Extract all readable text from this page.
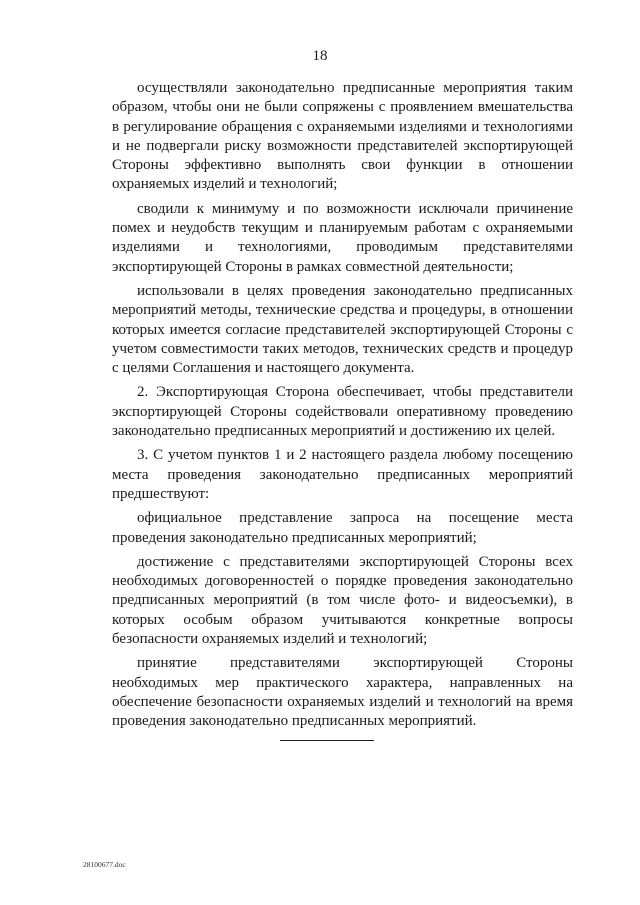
18

осуществляли законодательно предписанные мероприятия таким образом, чтобы они не были сопряжены с проявлением вмешательства в регулирование обращения с охраняемыми изделиями и технологиями и не подвергали риску возможности представителей экспортирующей Стороны эффективно выполнять свои функции в отношении охраняемых изделий и технологий;

сводили к минимуму и по возможности исключали причинение помех и неудобств текущим и планируемым работам с охраняемыми изделиями и технологиями, проводимым представителями экспортирующей Стороны в рамках совместной деятельности;

использовали в целях проведения законодательно предписанных мероприятий методы, технические средства и процедуры, в отношении которых имеется согласие представителей экспортирующей Стороны с учетом совместимости таких методов, технических средств и процедур с целями Соглашения и настоящего документа.

2. Экспортирующая Сторона обеспечивает, чтобы представители экспортирующей Стороны содействовали оперативному проведению законодательно предписанных мероприятий и достижению их целей.

3. С учетом пунктов 1 и 2 настоящего раздела любому посещению места проведения законодательно предписанных мероприятий предшествуют:

официальное представление запроса на посещение места проведения законодательно предписанных мероприятий;

достижение с представителями экспортирующей Стороны всех необходимых договоренностей о порядке проведения законодательно предписанных мероприятий (в том числе фото- и видеосъемки), в которых особым образом учитываются конкретные вопросы безопасности охраняемых изделий и технологий;

принятие представителями экспортирующей Стороны необходимых мер практического характера, направленных на обеспечение безопасности охраняемых изделий и технологий на время проведения законодательно предписанных мероприятий.

28100677.doc
